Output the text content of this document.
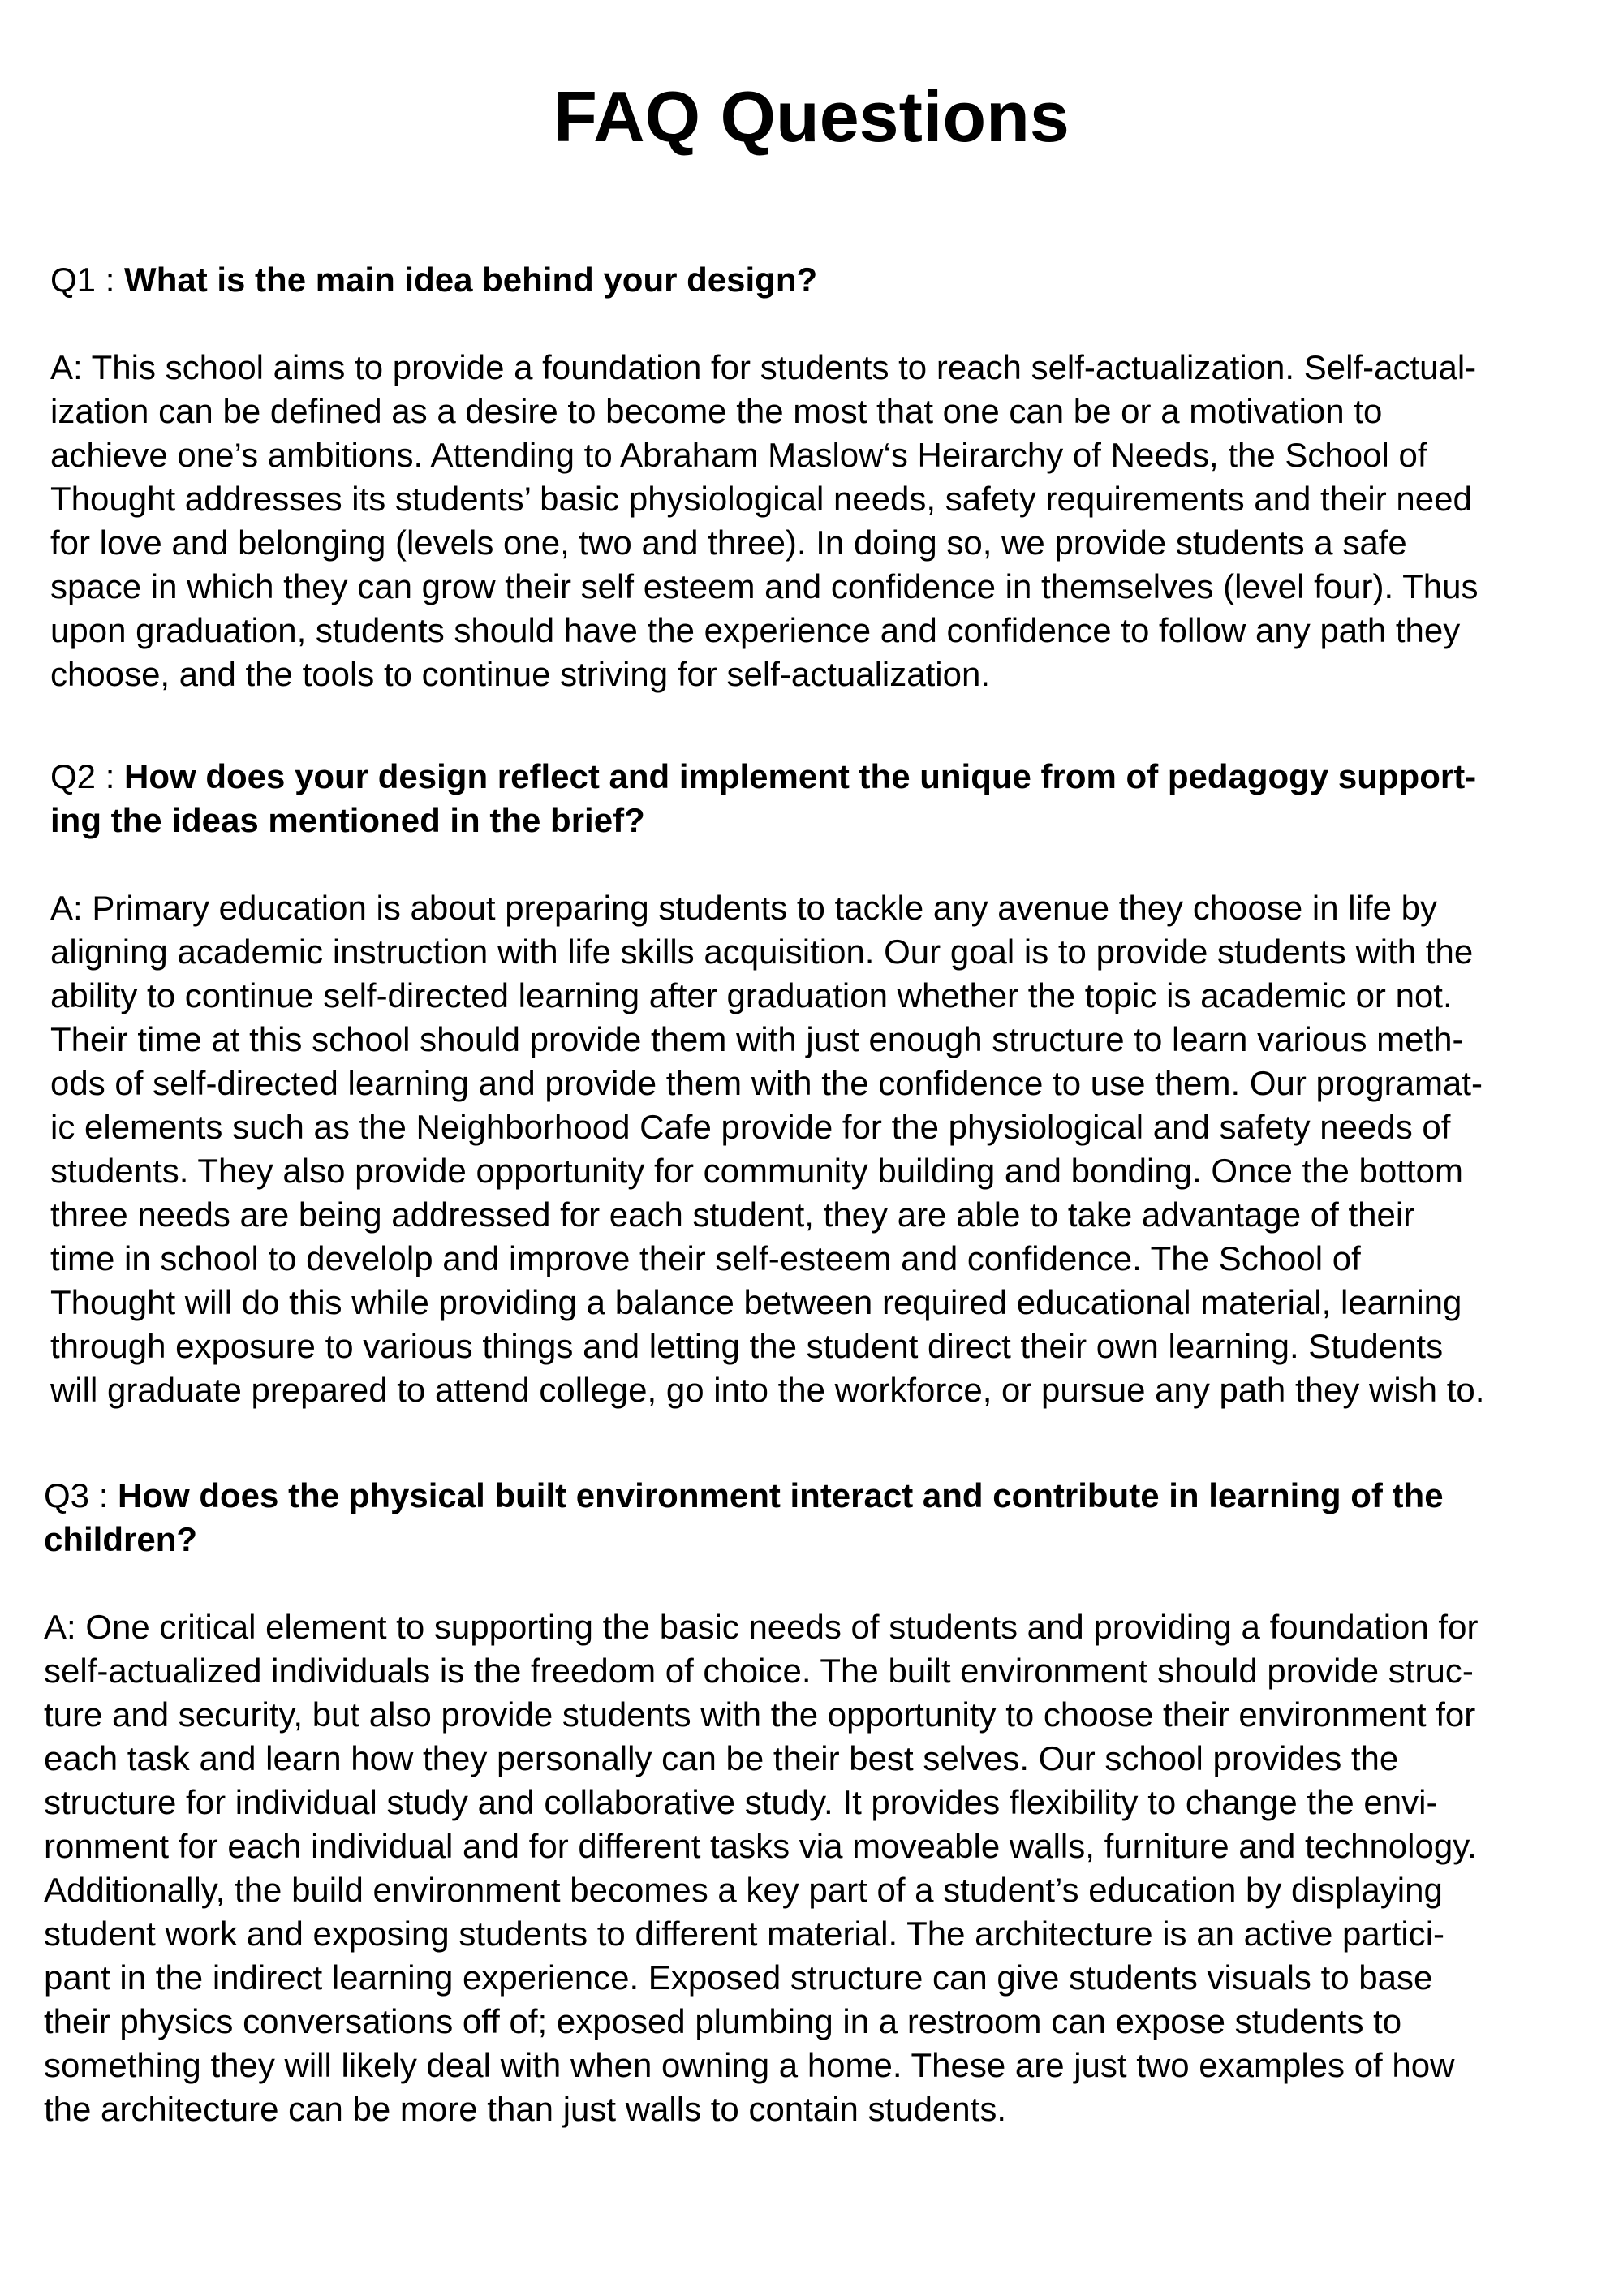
FAQ Questions

Q1 : What is the main idea behind your design?

A: This school aims to provide a foundation for students to reach self-actualization. Self-actual-
ization can be defined as a desire to become the most that one can be or a motivation to
achieve one’s ambitions. Attending to Abraham Maslow‘s Heirarchy of Needs, the School of
Thought addresses its students’ basic physiological needs, safety requirements and their need
for love and belonging (levels one, two and three). In doing so, we provide students a safe
space in which they can grow their self esteem and confidence in themselves (level four). Thus
upon graduation, students should have the experience and confidence to follow any path they
choose, and the tools to continue striving for self-actualization.

Q2 : How does your design reflect and implement the unique from of pedagogy support-
ing the ideas mentioned in the brief?

A: Primary education is about preparing students to tackle any avenue they choose in life by
aligning academic instruction with life skills acquisition. Our goal is to provide students with the
ability to continue self-directed learning after graduation whether the topic is academic or not.
Their time at this school should provide them with just enough structure to learn various meth-
ods of self-directed learning and provide them with the confidence to use them. Our programat-
ic elements such as the Neighborhood Cafe provide for the physiological and safety needs of
students. They also provide opportunity for community building and bonding. Once the bottom
three needs are being addressed for each student, they are able to take advantage of their
time in school to develolp and improve their self-esteem and confidence. The School of
Thought will do this while providing a balance between required educational material, learning
through exposure to various things and letting the student direct their own learning. Students
will graduate prepared to attend college, go into the workforce, or pursue any path they wish to.

Q3 : How does the physical built environment interact and contribute in learning of the
children?

A: One critical element to supporting the basic needs of students and providing a foundation for
self-actualized individuals is the freedom of choice. The built environment should provide struc-
ture and security, but also provide students with the opportunity to choose their environment for
each task and learn how they personally can be their best selves. Our school provides the
structure for individual study and collaborative study. It provides flexibility to change the envi-
ronment for each individual and for different tasks via moveable walls, furniture and technology.
Additionally, the build environment becomes a key part of a student’s education by displaying
student work and exposing students to different material. The architecture is an active partici-
pant in the indirect learning experience. Exposed structure can give students visuals to base
their physics conversations off of; exposed plumbing in a restroom can expose students to
something they will likely deal with when owning a home. These are just two examples of how
the architecture can be more than just walls to contain students.
